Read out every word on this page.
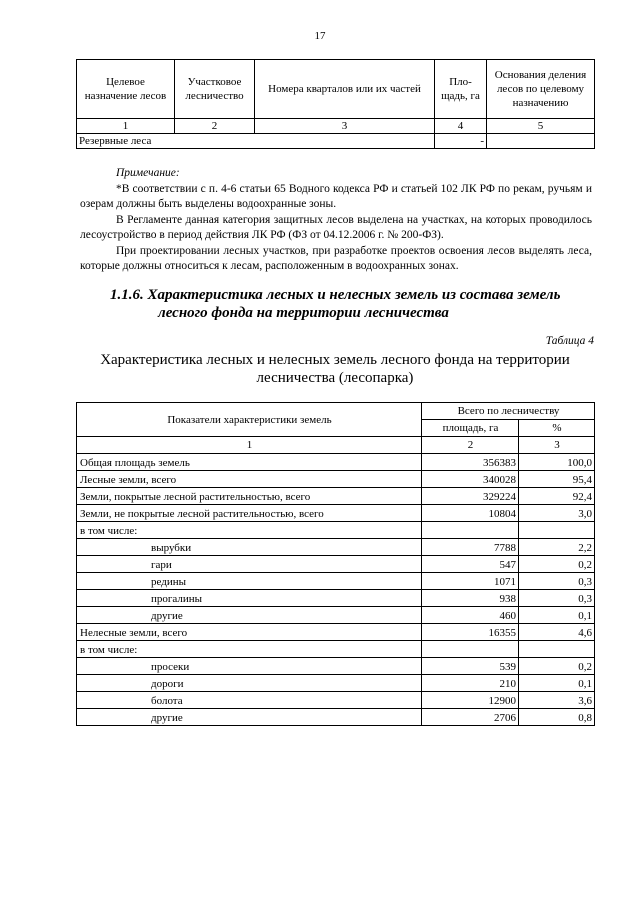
17
Целевое назначение лесов	Участковое лесничество	Номера кварталов или их частей	Пло-щадь, га	Основания деления лесов по целевому назначению
1	2	3	4	5
Резервные леса			-	

Примечание:

*В соответствии с п. 4-6 статьи 65 Водного кодекса РФ и статьей 102 ЛК РФ по рекам, ручьям и озерам должны быть выделены водоохранные зоны.

В Регламенте данная категория защитных лесов выделена на участках, на которых проводилось лесоустройство в период действия ЛК РФ (ФЗ от 04.12.2006 г. № 200-ФЗ).

При проектировании лесных участков, при разработке проектов освоения лесов выделять леса, которые должны относиться к лесам, расположенным в водоохранных зонах.

1.1.6. Характеристика лесных и нелесных земель из состава земель
лесного фонда на территории лесничества
Таблица 4
Характеристика лесных и нелесных земель лесного фонда на территории лесничества (лесопарка)
Показатели характеристики земель	Всего по лесничеству	
	площадь, га	%
1	2	3
Общая площадь земель	356383	100,0
Лесные земли, всего	340028	95,4
Земли, покрытые лесной растительностью, всего	329224	92,4
Земли, не покрытые лесной растительностью, всего	10804	3,0
в том числе:		
вырубки	7788	2,2
гари	547	0,2
редины	1071	0,3
прогалины	938	0,3
другие	460	0,1
Нелесные земли, всего	16355	4,6
в том числе:		
просеки	539	0,2
дороги	210	0,1
болота	12900	3,6
другие	2706	0,8
